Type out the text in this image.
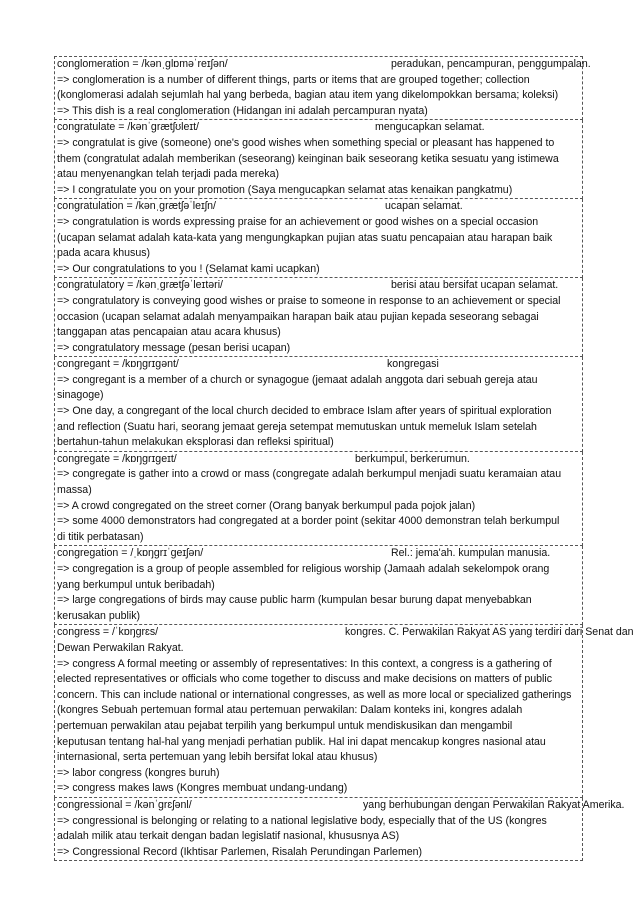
conglomeration = /kənˌglɒməˈreɪʃən/	peradukan, pencampuran, penggumpalan.
=> conglomeration is a number of different things, parts or items that are grouped together; collection
(konglomerasi adalah sejumlah hal yang berbeda, bagian atau item yang dikelompokkan bersama; koleksi)
=> This dish is a real conglomeration (Hidangan ini adalah percampuran nyata)
congratulate = /kənˈgrætʃʊleɪt/	mengucapkan selamat.
=> congratulat is give (someone) one's good wishes when something special or pleasant has happened to
them (congratulat adalah memberikan (seseorang) keinginan baik seseorang ketika sesuatu yang istimewa
atau menyenangkan telah terjadi pada mereka)
=> I congratulate you on your promotion (Saya mengucapkan selamat atas kenaikan pangkatmu)
congratulation = /kənˌgrætʃəˈleɪʃn/	ucapan selamat.
=> congratulation is words expressing praise for an achievement or good wishes on a special occasion
(ucapan selamat adalah kata-kata yang mengungkapkan pujian atas suatu pencapaian atau harapan baik
pada acara khusus)
=> Our congratulations to you ! (Selamat kami ucapkan)
congratulatory = /kənˌgrætʃəˈleɪtəri/	berisi atau bersifat ucapan selamat.
=> congratulatory is conveying good wishes or praise to someone in response to an achievement or special
occasion (ucapan selamat adalah menyampaikan harapan baik atau pujian kepada seseorang sebagai
tanggapan atas pencapaian atau acara khusus)
=> congratulatory message (pesan berisi ucapan)
congregant = /kɒŋgrɪgənt/	kongregasi
=> congregant is a member of a church or synagogue (jemaat adalah anggota dari sebuah gereja atau
sinagoge)
=> One day, a congregant of the local church decided to embrace Islam after years of spiritual exploration
and reflection (Suatu hari, seorang jemaat gereja setempat memutuskan untuk memeluk Islam setelah
bertahun-tahun melakukan eksplorasi dan refleksi spiritual)
congregate = /kɒŋgrɪgeɪt/	berkumpul, berkerumun.
=> congregate is gather into a crowd or mass (congregate adalah berkumpul menjadi suatu keramaian atau
massa)
=> A crowd congregated on the street corner (Orang banyak berkumpul pada pojok jalan)
=> some 4000 demonstrators had congregated at a border point (sekitar 4000 demonstran telah berkumpul
di titik perbatasan)
congregation = /ˌkɒŋgrɪˈgeɪʃən/	Rel.: jema'ah. kumpulan manusia.
=> congregation is a group of people assembled for religious worship (Jamaah adalah sekelompok orang
yang berkumpul untuk beribadah)
=> large congregations of birds may cause public harm (kumpulan besar burung dapat menyebabkan
kerusakan publik)
congress = /ˈkɒŋgrɛs/	kongres. C. Perwakilan Rakyat AS yang terdiri dari Senat dan
Dewan Perwakilan Rakyat.
=> congress A formal meeting or assembly of representatives: In this context, a congress is a gathering of
elected representatives or officials who come together to discuss and make decisions on matters of public
concern. This can include national or international congresses, as well as more local or specialized gatherings
(kongres Sebuah pertemuan formal atau pertemuan perwakilan: Dalam konteks ini, kongres adalah
pertemuan perwakilan atau pejabat terpilih yang berkumpul untuk mendiskusikan dan mengambil
keputusan tentang hal-hal yang menjadi perhatian publik. Hal ini dapat mencakup kongres nasional atau
internasional, serta pertemuan yang lebih bersifat lokal atau khusus)
=> labor congress (kongres buruh)
=> congress makes laws (Kongres membuat undang-undang)
congressional = /kənˈgrɛʃənl/	yang berhubungan dengan Perwakilan Rakyat Amerika.
=> congressional is belonging or relating to a national legislative body, especially that of the US (kongres
adalah milik atau terkait dengan badan legislatif nasional, khususnya AS)
=> Congressional Record (Ikhtisar Parlemen, Risalah Perundingan Parlemen)
